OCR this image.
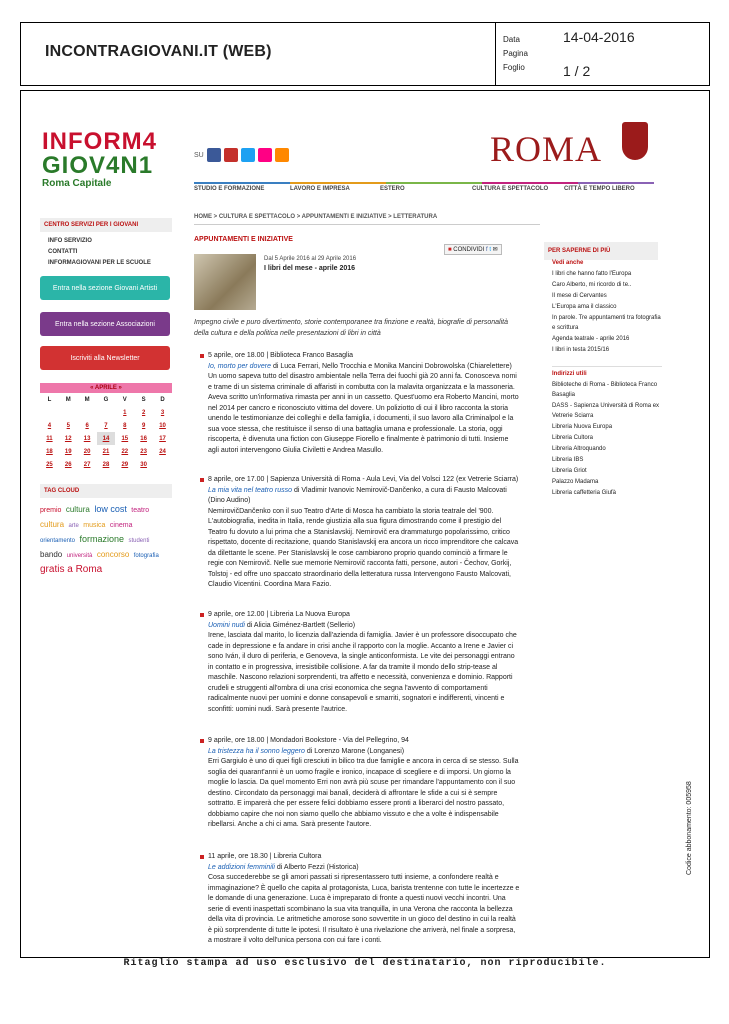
INCONTRAGIOVANI.IT (WEB)
Data
Pagina
Foglio
14-04-2016
1 / 2
INFORM4
GIOV4N1
Roma Capitale
SU	ROMA
STUDIO E FORMAZIONE	LAVORO E IMPRESA	ESTERO	CULTURA E SPETTACOLO	CITTÀ E TEMPO LIBERO
CENTRO SERVIZI PER I GIOVANI
INFO SERVIZIO
CONTATTI
INFORMAGIOVANI PER LE SCUOLE
Entra nella sezione Giovani Artisti
Entra nella sezione Associazioni
Iscriviti alla Newsletter
« APRILE »
L	M	M	G	V	S	D
				1	2	3
4	5	6	7	8	9	10
11	12	13	14	15	16	17
18	19	20	21	22	23	24
25	26	27	28	29	30	
TAG CLOUD
premio cultura low cost teatro
cultura arte musica cinema
orientamento formazione studenti
bando università concorso fotografia
gratis a Roma
HOME > CULTURA E SPETTACOLO > APPUNTAMENTI E INIZIATIVE > LETTERATURA
APPUNTAMENTI E INIZIATIVE
■ CONDIVIDI f t ✉
Dal 5 Aprile 2016 al 29 Aprile 2016
I libri del mese - aprile 2016
Impegno civile e puro divertimento, storie contemporanee tra finzione e realtà, biografie di personalità della cultura e della politica nelle presentazioni di libri in città
5 aprile, ore 18.00 | Biblioteca Franco Basaglia
Io, morto per dovere di Luca Ferrari, Nello Trocchia e Monika Mancini Dobrowolska (Chiarelettere)
Un uomo sapeva tutto del disastro ambientale nella Terra dei fuochi già 20 anni fa. Conosceva nomi e trame di un sistema criminale di affaristi in combutta con la malavita organizzata e la massoneria. Aveva scritto un'informativa rimasta per anni in un cassetto. Quest'uomo era Roberto Mancini, morto nel 2014 per cancro e riconosciuto vittima del dovere. Un poliziotto di cui il libro racconta la storia unendo le testimonianze dei colleghi e della famiglia, i documenti, il suo lavoro alla Criminalpol e la sua voce stessa, che restituisce il senso di una battaglia umana e professionale. La storia, oggi riscoperta, è divenuta una fiction con Giuseppe Fiorello e finalmente è patrimonio di tutti. Insieme agli autori intervengono Giulia Civiletti e Andrea Masullo.
8 aprile, ore 17.00 | Sapienza Università di Roma - Aula Levi, Via del Volsci 122 (ex Vetrerie Sciarra)
La mia vita nel teatro russo di Vladimir Ivanovic Nemirovič-Dančenko, a cura di Fausto Malcovati (Dino Audino)
NemirovičDančenko con il suo Teatro d'Arte di Mosca ha cambiato la storia teatrale del '900. L'autobiografia, inedita in Italia, rende giustizia alla sua figura dimostrando come il prestigio del Teatro fu dovuto a lui prima che a Stanislavskij. Nemirovič era drammaturgo popolarissimo, critico rispettato, docente di recitazione, quando Stanislavskij era ancora un ricco imprenditore che calcava da dilettante le scene. Per Stanislavskij le cose cambiarono proprio quando cominciò a firmare le regie con Nemirovič. Nelle sue memorie Nemirovič racconta fatti, persone, autori - Čechov, Gorkij, Tolstoj - ed offre uno spaccato straordinario della letteratura russa Intervengono Fausto Malcovati, Claudio Vicentini. Coordina Mara Fazio.
9 aprile, ore 12.00 | Libreria La Nuova Europa
Uomini nudi di Alicia Giménez-Bartlett (Sellerio)
Irene, lasciata dal marito, lo licenzia dall'azienda di famiglia. Javier è un professore disoccupato che cade in depressione e fa andare in crisi anche il rapporto con la moglie. Accanto a Irene e Javier ci sono Iván, il duro di periferia, e Genoveva, la single anticonformista. Le vite dei personaggi entrano in contatto e in progressiva, irresistibile collisione. A far da tramite il mondo dello strip-tease al maschile. Nascono relazioni sorprendenti, tra affetto e necessità, convenienza e dominio. Rapporti crudeli e struggenti all'ombra di una crisi economica che segna l'avvento di comportamenti radicalmente nuovi per uomini e donne consapevoli e smarriti, sognatori e indifferenti, vincenti e sconfitti: uomini nudi. Sarà presente l'autrice.
9 aprile, ore 18.00 | Mondadori Bookstore - Via del Pellegrino, 94
La tristezza ha il sonno leggero di Lorenzo Marone (Longanesi)
Erri Gargiulo è uno di quei figli cresciuti in bilico tra due famiglie e ancora in cerca di se stesso. Sulla soglia dei quarant'anni è un uomo fragile e ironico, incapace di scegliere e di imporsi. Un giorno la moglie lo lascia. Da quel momento Erri non avrà più scuse per rimandare l'appuntamento con il suo destino. Circondato da personaggi mai banali, deciderà di affrontare le sfide a cui si è sempre sottratto. E imparerà che per essere felici dobbiamo essere pronti a liberarci del nostro passato, dobbiamo capire che noi non siamo quello che abbiamo vissuto e che a volte è indispensabile ribellarsi. Anche a chi ci ama. Sarà presente l'autore.
11 aprile, ore 18.30 | Libreria Cultora
Le addizioni femminili di Alberto Fezzi (Historica)
Cosa succederebbe se gli amori passati si ripresentassero tutti insieme, a confondere realtà e immaginazione? È quello che capita al protagonista, Luca, barista trentenne con tutte le incertezze e le domande di una generazione. Luca è impreparato di fronte a questi nuovi vecchi incontri. Una serie di eventi inaspettati scombinano la sua vita tranquilla, in una Verona che racconta la bellezza della vita di provincia. Le aritmetiche amorose sono sovvertite in un gioco del destino in cui la realtà è più sorprendente di tutte le ipotesi. Il risultato è una rivelazione che arriverà, nel finale a sorpresa, a mostrare il volto dell'unica persona con cui fare i conti.
PER SAPERNE DI PIÙ
Vedi anche
I libri che hanno fatto l'Europa
Caro Alberto, mi ricordo di te..
Il mese di Cervantes
L'Europa ama il classico
In parole. Tre appuntamenti tra fotografia e scrittura
Agenda teatrale - aprile 2016
I libri in testa 2015/16
Indirizzi utili
Biblioteche di Roma - Biblioteca Franco Basaglia
DASS - Sapienza Università di Roma ex Vetrerie Sciarra
Libreria Nuova Europa
Libreria Cultora
Libreria Altroquando
Libreria IBS
Libreria Griot
Palazzo Madama
Libreria caffetteria Giufà
Ritaglio stampa ad uso esclusivo del destinatario, non riproducibile.
Codice abbonamento: 005958
